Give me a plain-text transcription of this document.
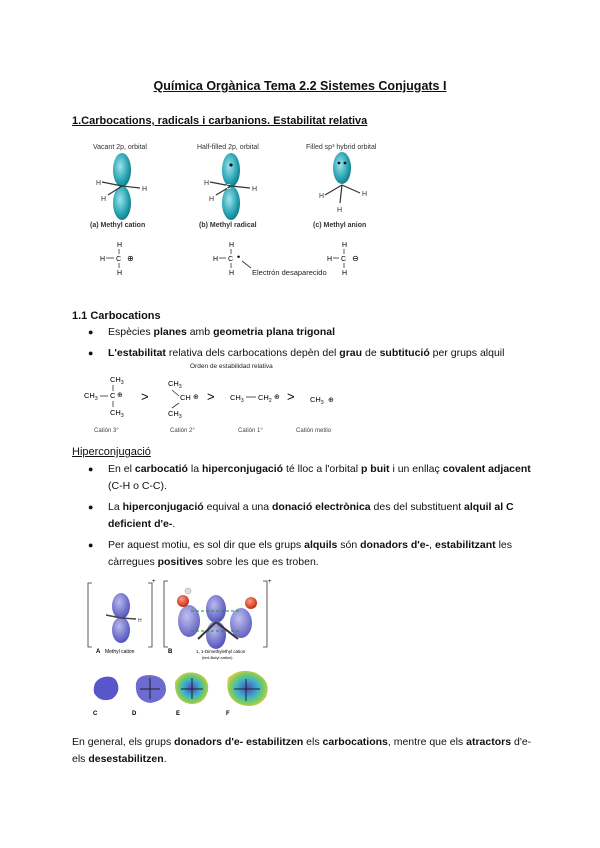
Química Orgànica Tema 2.2 Sistemes Conjugats I
1.Carbocations, radicals i carbanions. Estabilitat relativa
Vacant 2p, orbital
H
H
H
(a) Methyl cation
Half-filled 2p, orbital
C
H
H
H
(b) Methyl radical
Filled sp³ hybrid orbital
H	H
H
(c) Methyl anion
H
H C ⊕
H
H
H C •
H Electrón desaparecido
H
H C ⊖
H
1.1 Carbocations
● Espècies planes amb geometria plana trigonal
● L'estabilitat relativa dels carbocations depèn del grau de subtitució per grups alquil
Orden de estabilidad relativa
$CH_3$
$CH_3$ C ⊕
$CH_3$
Catión 3°
>
$CH_3$
CH ⊕
$CH_3$
Catión 2°
> $CH_3$ $CH_2$ ⊕
Catión 1°
> $CH_3$ ⊕
Catión metilo
Hiperconjugació
● En el carbocatió la hiperconjugació té lloc a l'orbital p buit i un enllaç covalent adjacent (C-H o C-C).
● La hiperconjugació equival a una donació electrònica des del substituent alquil al C deficient d'e-.
● Per aquest motiu, es sol dir que els grups alquils són donadors d'e-, estabilitzant les càrregues positives sobre les que es troben.
+
H
A Methyl cation
+
B	1, 1-Dimethylethyl cation
(tert-Butyl cation)
C	D	E	F
En general, els grups donadors d'e- estabilitzen els carbocations, mentre que els atractors d'e- els desestabilitzen.
